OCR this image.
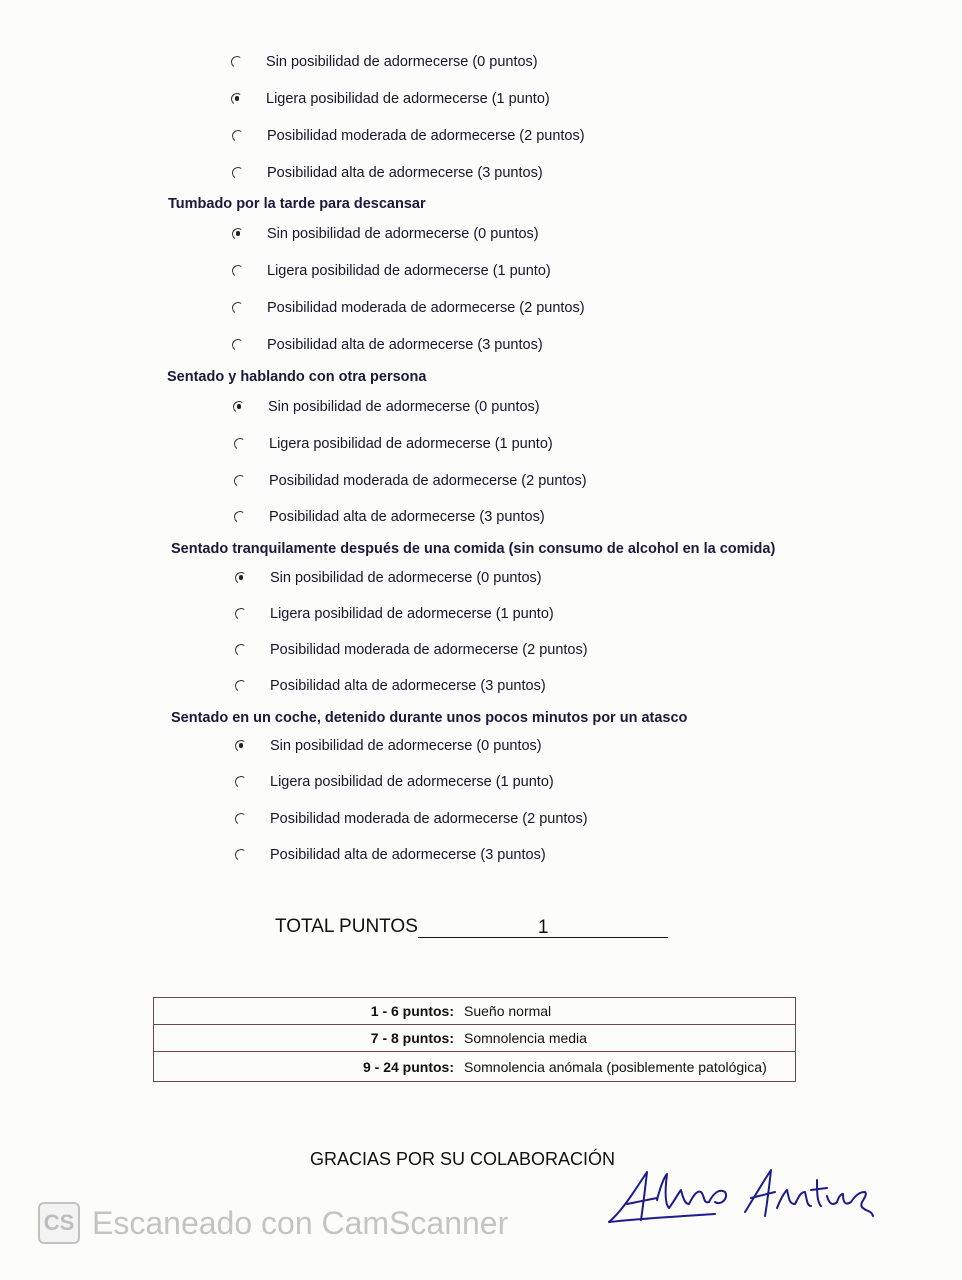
Sin posibilidad de adormecerse (0 puntos)
Ligera posibilidad de adormecerse (1 punto)
Posibilidad moderada de adormecerse (2 puntos)
Posibilidad alta de adormecerse (3 puntos)
Tumbado por la tarde para descansar
Sin posibilidad de adormecerse (0 puntos)
Ligera posibilidad de adormecerse (1 punto)
Posibilidad moderada de adormecerse (2 puntos)
Posibilidad alta de adormecerse (3 puntos)
Sentado y hablando con otra persona
Sin posibilidad de adormecerse (0 puntos)
Ligera posibilidad de adormecerse (1 punto)
Posibilidad moderada de adormecerse (2 puntos)
Posibilidad alta de adormecerse (3 puntos)
Sentado tranquilamente después de una comida (sin consumo de alcohol en la comida)
Sin posibilidad de adormecerse (0 puntos)
Ligera posibilidad de adormecerse (1 punto)
Posibilidad moderada de adormecerse (2 puntos)
Posibilidad alta de adormecerse (3 puntos)
Sentado en un coche, detenido durante unos pocos minutos por un atasco
Sin posibilidad de adormecerse (0 puntos)
Ligera posibilidad de adormecerse (1 punto)
Posibilidad moderada de adormecerse (2 puntos)
Posibilidad alta de adormecerse (3 puntos)
TOTAL PUNTOS	1
1 - 6 puntos: Sueño normal
7 - 8 puntos: Somnolencia media
9 - 24 puntos: Somnolencia anómala (posiblemente patológica)
GRACIAS POR SU COLABORACIÓN
CS Escaneado con CamScanner
